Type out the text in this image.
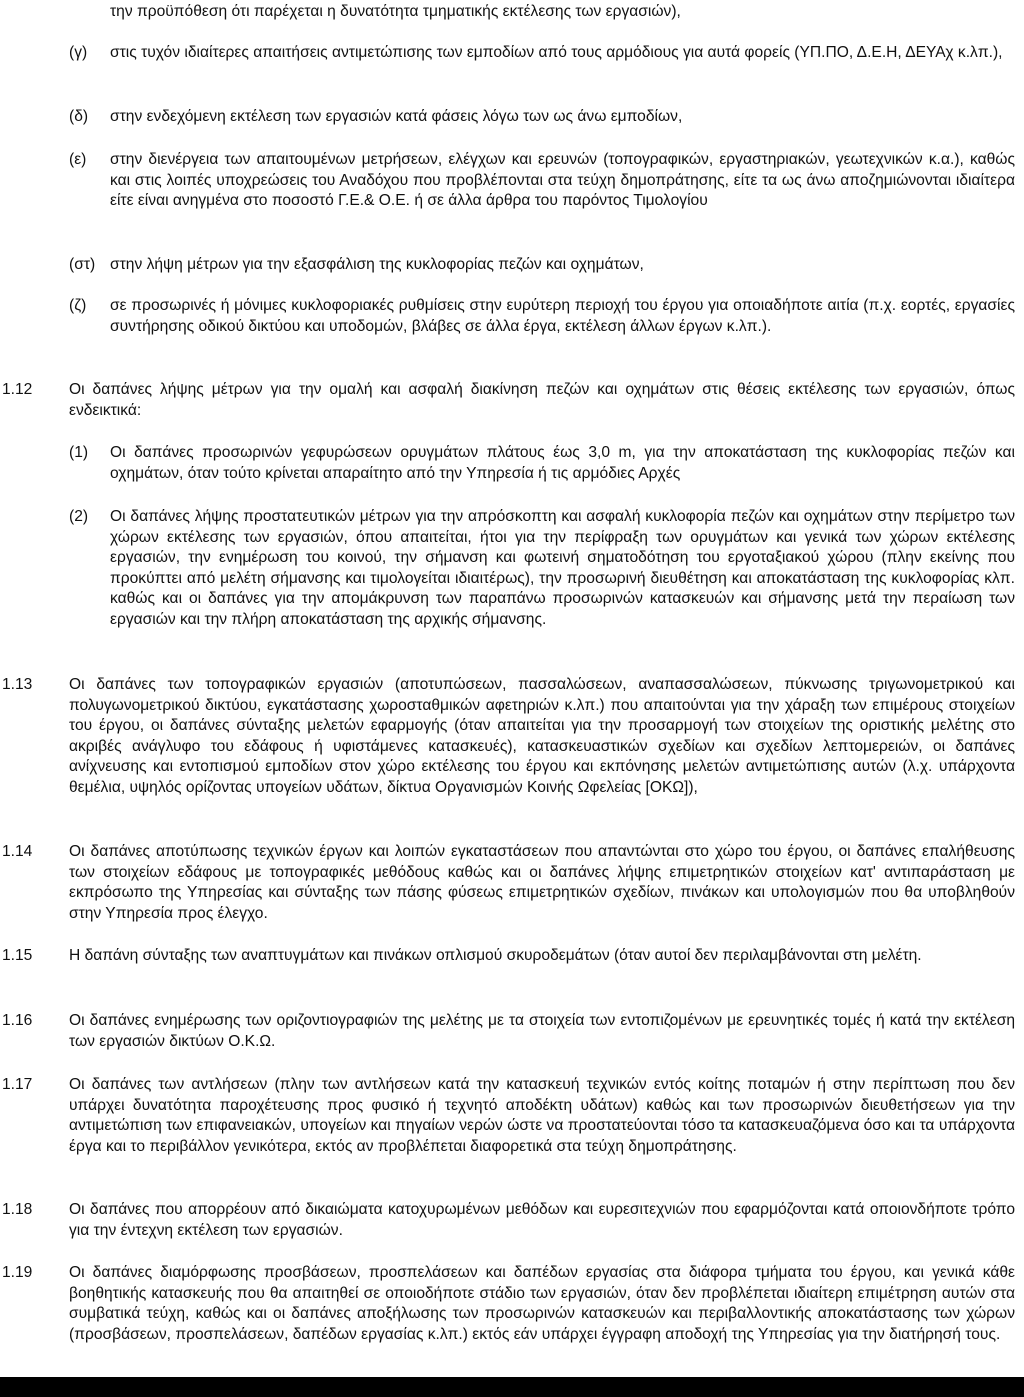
την προϋπόθεση ότι παρέχεται η δυνατότητα τμηματικής εκτέλεσης των εργασιών),
(γ) στις τυχόν ιδιαίτερες απαιτήσεις αντιμετώπισης των εμποδίων από τους αρμόδιους για αυτά φορείς (ΥΠ.ΠΟ, Δ.Ε.Η, ΔΕΥΑχ κ.λπ.),
(δ) στην ενδεχόμενη εκτέλεση των εργασιών κατά φάσεις λόγω των ως άνω εμποδίων,
(ε) στην διενέργεια των απαιτουμένων μετρήσεων, ελέγχων και ερευνών (τοπογραφικών, εργαστηριακών, γεωτεχνικών κ.α.), καθώς και στις λοιπές υποχρεώσεις του Αναδόχου που προβλέπονται στα τεύχη δημοπράτησης, είτε τα ως άνω αποζημιώνονται ιδιαίτερα είτε είναι ανηγμένα στο ποσοστό Γ.Ε.& Ο.Ε. ή σε άλλα άρθρα του παρόντος Τιμολογίου
(στ) στην λήψη μέτρων για την εξασφάλιση της κυκλοφορίας πεζών και οχημάτων,
(ζ) σε προσωρινές ή μόνιμες κυκλοφοριακές ρυθμίσεις στην ευρύτερη περιοχή του έργου για οποιαδήποτε αιτία (π.χ. εορτές, εργασίες συντήρησης οδικού δικτύου και υποδομών, βλάβες σε άλλα έργα, εκτέλεση άλλων έργων κ.λπ.).
1.12 Οι δαπάνες λήψης μέτρων για την ομαλή και ασφαλή διακίνηση πεζών και οχημάτων στις θέσεις εκτέλεσης των εργασιών, όπως ενδεικτικά:
(1) Οι δαπάνες προσωρινών γεφυρώσεων ορυγμάτων πλάτους έως 3,0 m, για την αποκατάσταση της κυκλοφορίας πεζών και οχημάτων, όταν τούτο κρίνεται απαραίτητο από την Υπηρεσία ή τις αρμόδιες Αρχές
(2) Οι δαπάνες λήψης προστατευτικών μέτρων για την απρόσκοπτη και ασφαλή κυκλοφορία πεζών και οχημάτων στην περίμετρο των χώρων εκτέλεσης των εργασιών, όπου απαιτείται, ήτοι για την περίφραξη των ορυγμάτων και γενικά των χώρων εκτέλεσης εργασιών, την ενημέρωση του κοινού, την σήμανση και φωτεινή σηματοδότηση του εργοταξιακού χώρου (πλην εκείνης που προκύπτει από μελέτη σήμανσης και τιμολογείται ιδιαιτέρως), την προσωρινή διευθέτηση και αποκατάσταση της κυκλοφορίας κλπ. καθώς και οι δαπάνες για την απομάκρυνση των παραπάνω προσωρινών κατασκευών και σήμανσης μετά την περαίωση των εργασιών και την πλήρη αποκατάσταση της αρχικής σήμανσης.
1.13 Οι δαπάνες των τοπογραφικών εργασιών (αποτυπώσεων, πασσαλώσεων, αναπασσαλώσεων, πύκνωσης τριγωνομετρικού και πολυγωνομετρικού δικτύου, εγκατάστασης χωροσταθμικών αφετηριών κ.λπ.) που απαιτούνται για την χάραξη των επιμέρους στοιχείων του έργου, οι δαπάνες σύνταξης μελετών εφαρμογής (όταν απαιτείται για την προσαρμογή των στοιχείων της οριστικής μελέτης στο ακριβές ανάγλυφο του εδάφους ή υφιστάμενες κατασκευές), κατασκευαστικών σχεδίων και σχεδίων λεπτομερειών, οι δαπάνες ανίχνευσης και εντοπισμού εμποδίων στον χώρο εκτέλεσης του έργου και εκπόνησης μελετών αντιμετώπισης αυτών (λ.χ. υπάρχοντα θεμέλια, υψηλός ορίζοντας υπογείων υδάτων, δίκτυα Οργανισμών Κοινής Ωφελείας [ΟΚΩ]),
1.14 Οι δαπάνες αποτύπωσης τεχνικών έργων και λοιπών εγκαταστάσεων που απαντώνται στο χώρο του έργου, οι δαπάνες επαλήθευσης των στοιχείων εδάφους με τοπογραφικές μεθόδους καθώς και οι δαπάνες λήψης επιμετρητικών στοιχείων κατ' αντιπαράσταση με εκπρόσωπο της Υπηρεσίας και σύνταξης των πάσης φύσεως επιμετρητικών σχεδίων, πινάκων και υπολογισμών που θα υποβληθούν στην Υπηρεσία προς έλεγχο.
1.15 Η δαπάνη σύνταξης των αναπτυγμάτων και πινάκων οπλισμού σκυροδεμάτων (όταν αυτοί δεν περιλαμβάνονται στη μελέτη.
1.16 Οι δαπάνες ενημέρωσης των οριζοντιογραφιών της μελέτης με τα στοιχεία των εντοπιζομένων με ερευνητικές τομές ή κατά την εκτέλεση των εργασιών δικτύων Ο.Κ.Ω.
1.17 Οι δαπάνες των αντλήσεων (πλην των αντλήσεων κατά την κατασκευή τεχνικών εντός κοίτης ποταμών ή στην περίπτωση που δεν υπάρχει δυνατότητα παροχέτευσης προς φυσικό ή τεχνητό αποδέκτη υδάτων) καθώς και των προσωρινών διευθετήσεων για την αντιμετώπιση των επιφανειακών, υπογείων και πηγαίων νερών ώστε να προστατεύονται τόσο τα κατασκευαζόμενα όσο και τα υπάρχοντα έργα και το περιβάλλον γενικότερα, εκτός αν προβλέπεται διαφορετικά στα τεύχη δημοπράτησης.
1.18 Οι δαπάνες που απορρέουν από δικαιώματα κατοχυρωμένων μεθόδων και ευρεσιτεχνιών που εφαρμόζονται κατά οποιονδήποτε τρόπο για την έντεχνη εκτέλεση των εργασιών.
1.19 Οι δαπάνες διαμόρφωσης προσβάσεων, προσπελάσεων και δαπέδων εργασίας στα διάφορα τμήματα του έργου, και γενικά κάθε βοηθητικής κατασκευής που θα απαιτηθεί σε οποιοδήποτε στάδιο των εργασιών, όταν δεν προβλέπεται ιδιαίτερη επιμέτρηση αυτών στα συμβατικά τεύχη, καθώς και οι δαπάνες αποξήλωσης των προσωρινών κατασκευών και περιβαλλοντικής αποκατάστασης των χώρων (προσβάσεων, προσπελάσεων, δαπέδων εργασίας κ.λπ.) εκτός εάν υπάρχει έγγραφη αποδοχή της Υπηρεσίας για την διατήρησή τους.
